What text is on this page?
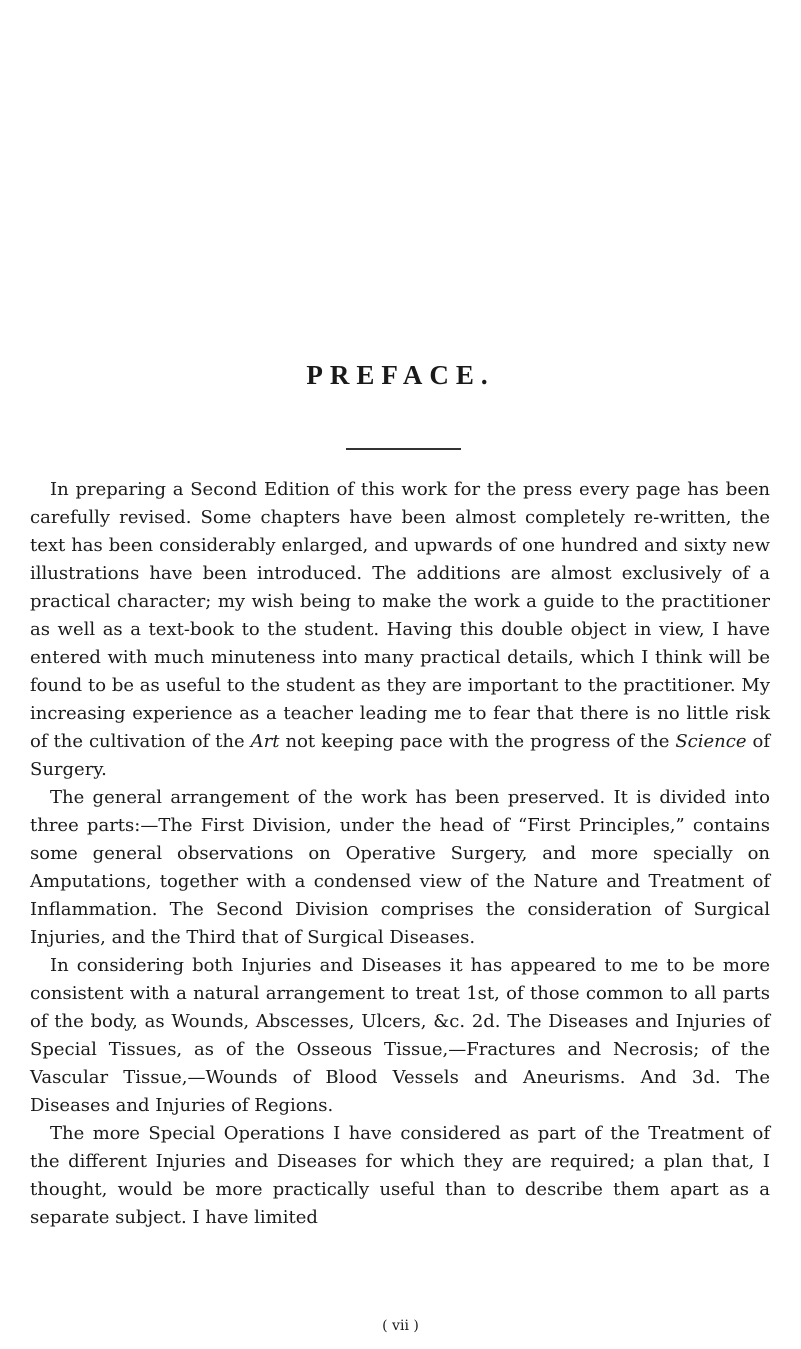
PREFACE.

In preparing a Second Edition of this work for the press every page has been carefully revised. Some chapters have been almost completely re-written, the text has been considerably enlarged, and upwards of one hundred and sixty new illustrations have been introduced. The additions are almost exclusively of a practical character; my wish being to make the work a guide to the practitioner as well as a text-book to the student. Having this double object in view, I have entered with much minuteness into many practical details, which I think will be found to be as useful to the student as they are important to the practitioner. My increasing experience as a teacher leading me to fear that there is no little risk of the cultivation of the Art not keeping pace with the progress of the Science of Surgery.

The general arrangement of the work has been preserved. It is divided into three parts:—The First Division, under the head of “First Principles,” contains some general observations on Operative Surgery, and more specially on Amputations, together with a condensed view of the Nature and Treatment of Inflammation. The Second Division comprises the consideration of Surgical Injuries, and the Third that of Surgical Diseases.

In considering both Injuries and Diseases it has appeared to me to be more consistent with a natural arrangement to treat 1st, of those common to all parts of the body, as Wounds, Abscesses, Ulcers, &c. 2d. The Diseases and Injuries of Special Tissues, as of the Osseous Tissue,—Fractures and Necrosis; of the Vascular Tissue,—Wounds of Blood Vessels and Aneurisms. And 3d. The Diseases and Injuries of Regions.

The more Special Operations I have considered as part of the Treatment of the different Injuries and Diseases for which they are required; a plan that, I thought, would be more practically useful than to describe them apart as a separate subject. I have limited

( vii )
